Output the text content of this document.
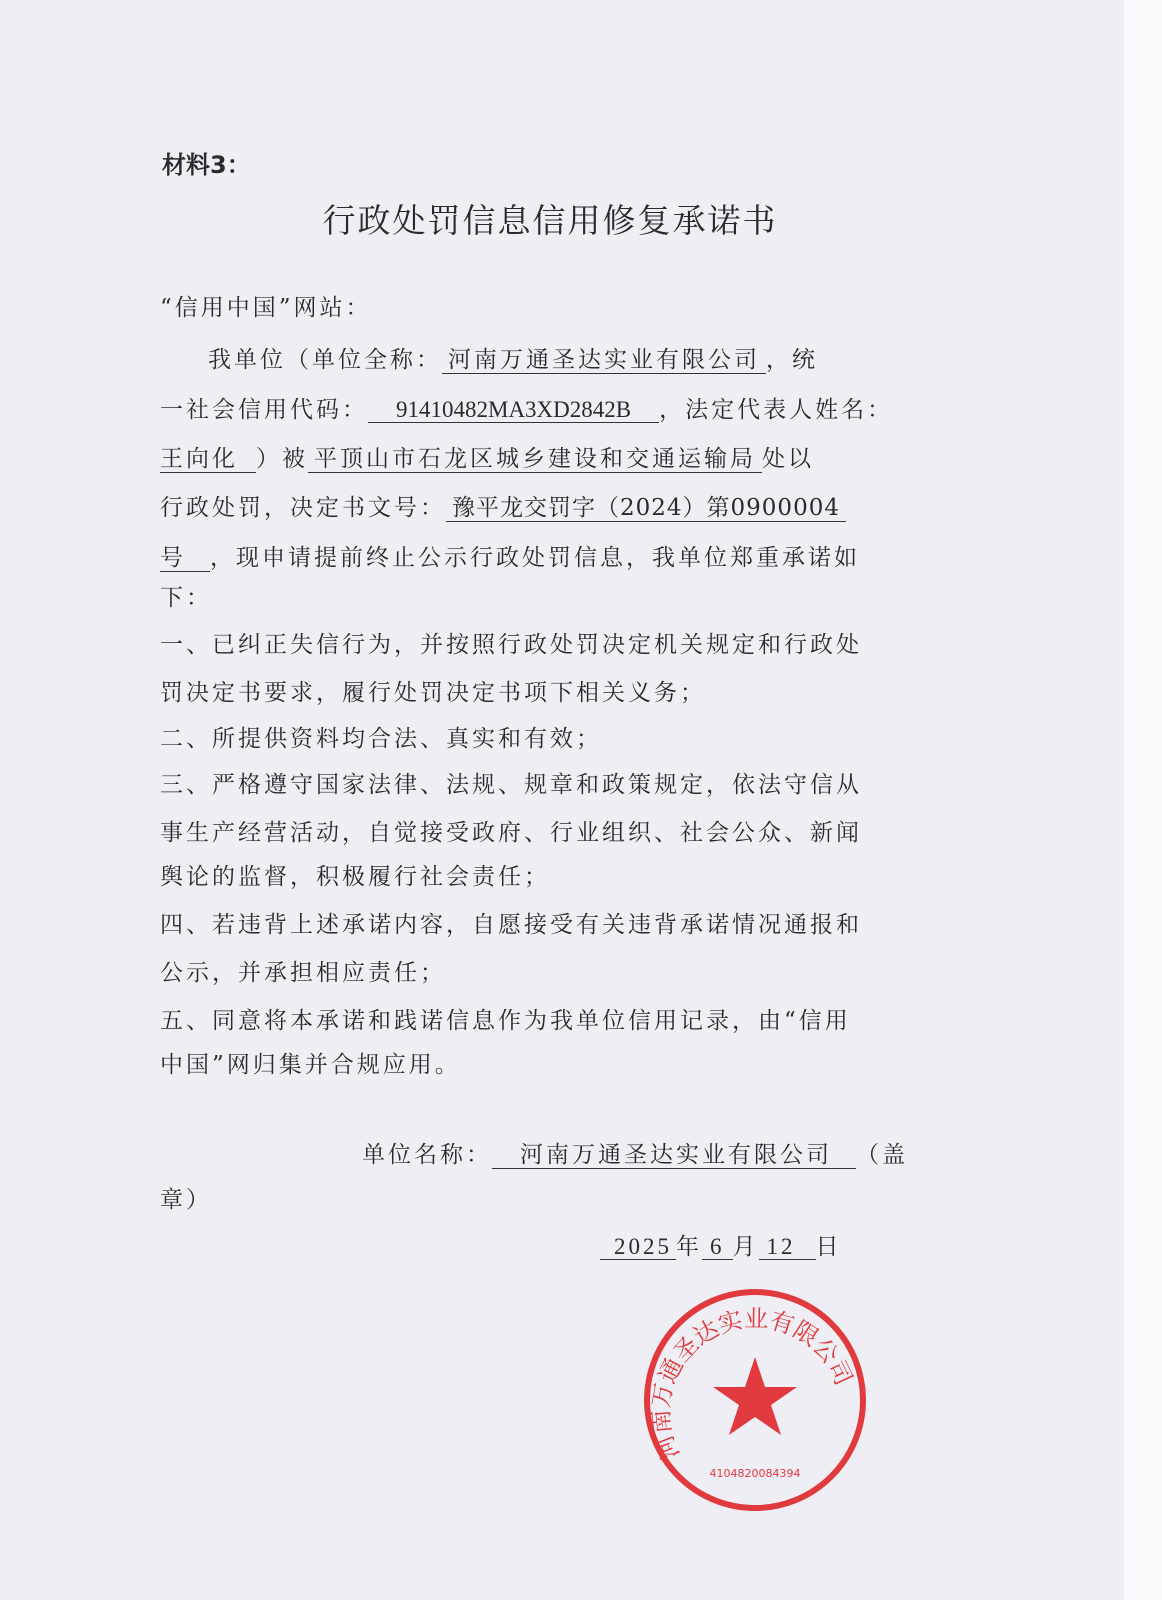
材料3：
行政处罚信息信用修复承诺书
“信用中国”网站：
我单位（单位全称： 河南万通圣达实业有限公司 ，统
一社会信用代码： 91410482MA3XD2842B ，法定代表人姓名：
王向化 ）被 平顶山市石龙区城乡建设和交通运输局 处以
行政处罚，决定书文号： 豫平龙交罚字（2024）第0900004
号 ，现申请提前终止公示行政处罚信息，我单位郑重承诺如
下：
一、已纠正失信行为，并按照行政处罚决定机关规定和行政处
罚决定书要求，履行处罚决定书项下相关义务；
二、所提供资料均合法、真实和有效；
三、严格遵守国家法律、法规、规章和政策规定，依法守信从
事生产经营活动，自觉接受政府、行业组织、社会公众、新闻
舆论的监督，积极履行社会责任；
四、若违背上述承诺内容，自愿接受有关违背承诺情况通报和
公示，并承担相应责任；
五、同意将本承诺和践诺信息作为我单位信用记录，由“信用
中国”网归集并合规应用。
单位名称： 河南万通圣达实业有限公司 （盖
章）
2025 年 6 月 12 日
河南万通圣达实业有限公司
4104820084394
